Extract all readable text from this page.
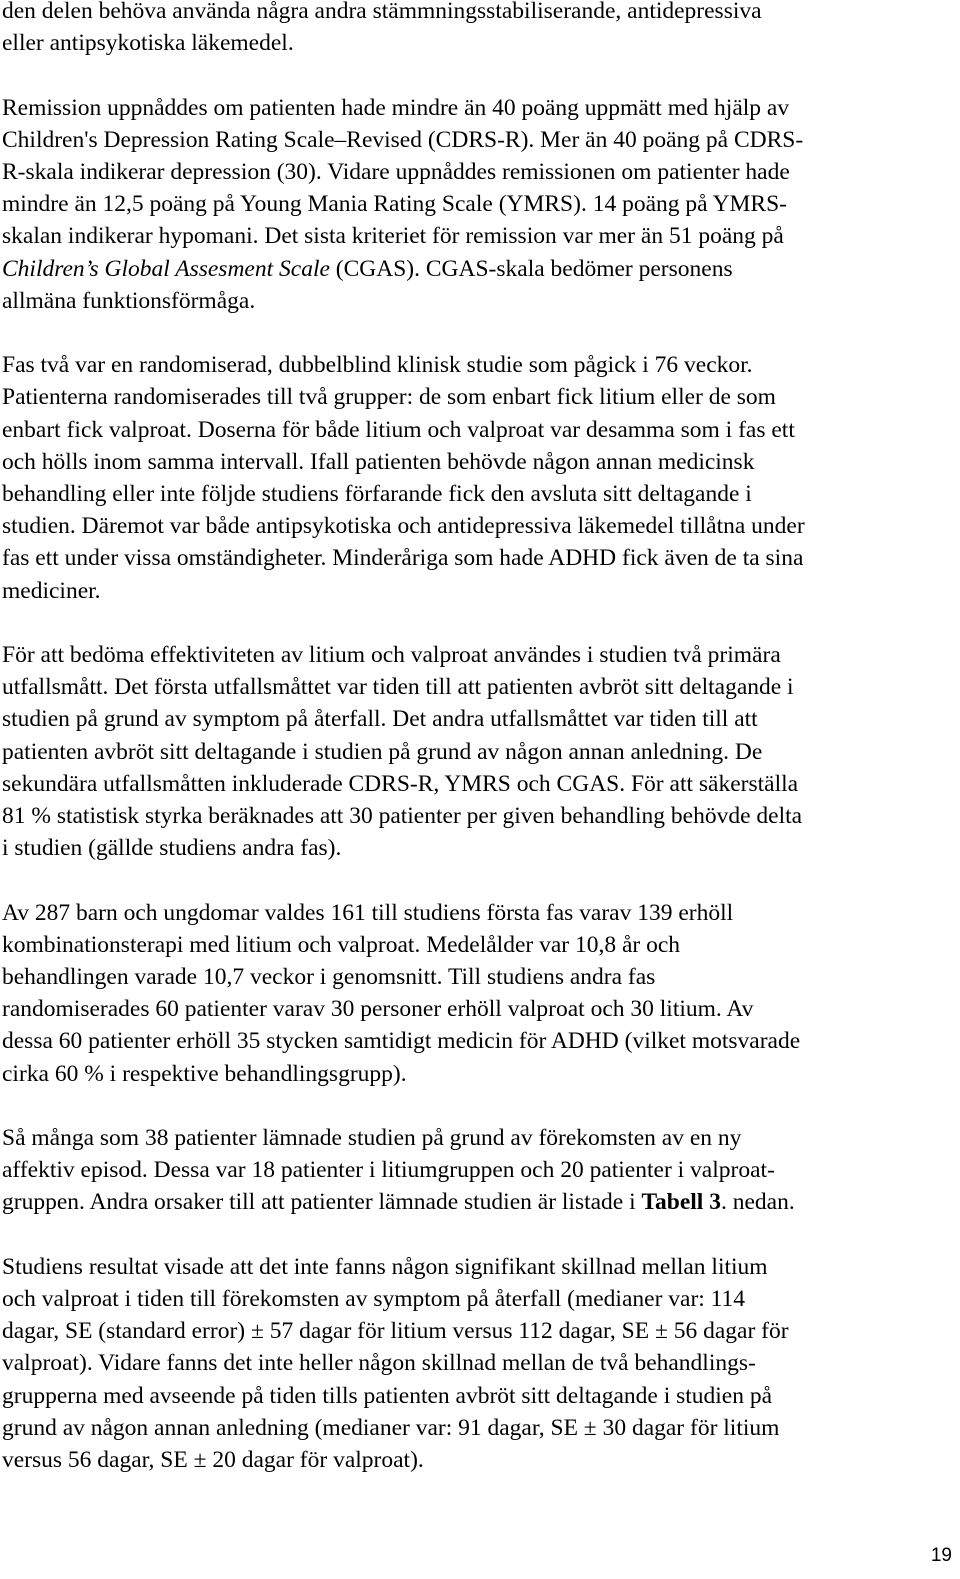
den delen behöva använda några andra stämmningsstabiliserande, antidepressiva
eller antipsykotiska läkemedel.

Remission uppnåddes om patienten hade mindre än 40 poäng uppmätt med hjälp av
Children's Depression Rating Scale–Revised (CDRS-R). Mer än 40 poäng på CDRS-
R-skala indikerar depression (30). Vidare uppnåddes remissionen om patienter hade
mindre än 12,5 poäng på Young Mania Rating Scale (YMRS). 14 poäng på YMRS-
skalan indikerar hypomani. Det sista kriteriet för remission var mer än 51 poäng på
Children’s Global Assesment Scale (CGAS). CGAS-skala bedömer personens
allmäna funktionsförmåga.

Fas två var en randomiserad, dubbelblind klinisk studie som pågick i 76 veckor.
Patienterna randomiserades till två grupper: de som enbart fick litium eller de som
enbart fick valproat. Doserna för både litium och valproat var desamma som i fas ett
och hölls inom samma intervall. Ifall patienten behövde någon annan medicinsk
behandling eller inte följde studiens förfarande fick den avsluta sitt deltagande i
studien. Däremot var både antipsykotiska och antidepressiva läkemedel tillåtna under
fas ett under vissa omständigheter. Minderåriga som hade ADHD fick även de ta sina
mediciner.

För att bedöma effektiviteten av litium och valproat användes i studien två primära
utfallsmått. Det första utfallsmåttet var tiden till att patienten avbröt sitt deltagande i
studien på grund av symptom på återfall. Det andra utfallsmåttet var tiden till att
patienten avbröt sitt deltagande i studien på grund av någon annan anledning. De
sekundära utfallsmåtten inkluderade CDRS-R, YMRS och CGAS. För att säkerställa
81 % statistisk styrka beräknades att 30 patienter per given behandling behövde delta
i studien (gällde studiens andra fas).

Av 287 barn och ungdomar valdes 161 till studiens första fas varav 139 erhöll
kombinationsterapi med litium och valproat. Medelålder var 10,8 år och
behandlingen varade 10,7 veckor i genomsnitt. Till studiens andra fas
randomiserades 60 patienter varav 30 personer erhöll valproat och 30 litium. Av
dessa 60 patienter erhöll 35 stycken samtidigt medicin för ADHD (vilket motsvarade
cirka 60 % i respektive behandlingsgrupp).

Så många som 38 patienter lämnade studien på grund av förekomsten av en ny
affektiv episod. Dessa var 18 patienter i litiumgruppen och 20 patienter i valproat-
gruppen. Andra orsaker till att patienter lämnade studien är listade i Tabell 3. nedan.

Studiens resultat visade att det inte fanns någon signifikant skillnad mellan litium
och valproat i tiden till förekomsten av symptom på återfall (medianer var: 114
dagar, SE (standard error) ± 57 dagar för litium versus 112 dagar, SE ± 56 dagar för
valproat). Vidare fanns det inte heller någon skillnad mellan de två behandlings-
grupperna med avseende på tiden tills patienten avbröt sitt deltagande i studien på
grund av någon annan anledning (medianer var: 91 dagar, SE ± 30 dagar för litium
versus 56 dagar, SE ± 20 dagar för valproat).

19
